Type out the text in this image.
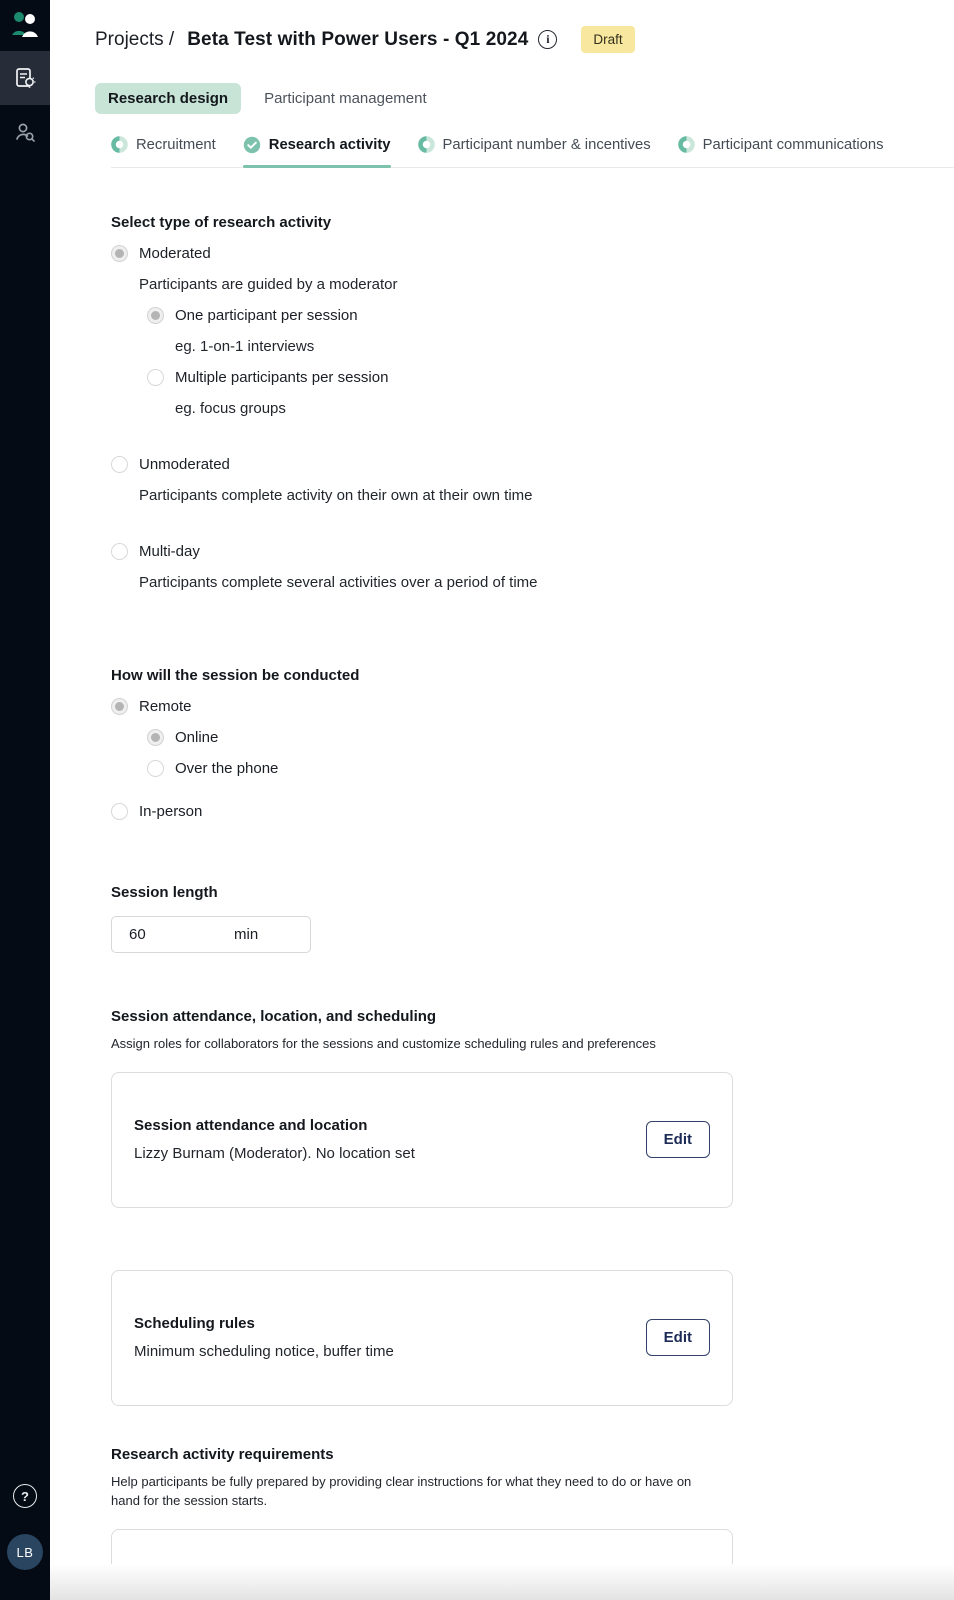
?
LB
Projects / Beta Test with Power Users - Q1 2024	i	Draft
Research design	Participant management
Recruitment	Research activity	Participant number & incentives	Participant communications
Select type of research activity
Moderated
Participants are guided by a moderator
One participant per session
eg. 1-on-1 interviews
Multiple participants per session
eg. focus groups
Unmoderated
Participants complete activity on their own at their own time
Multi-day
Participants complete several activities over a period of time
How will the session be conducted
Remote
Online
Over the phone
In-person
Session length
60	min
Session attendance, location, and scheduling
Assign roles for collaborators for the sessions and customize scheduling rules and preferences
Session attendance and location
Lizzy Burnam (Moderator). No location set
Edit
Scheduling rules
Minimum scheduling notice, buffer time
Edit
Research activity requirements
Help participants be fully prepared by providing clear instructions for what they need to do or have on hand for the session starts.
